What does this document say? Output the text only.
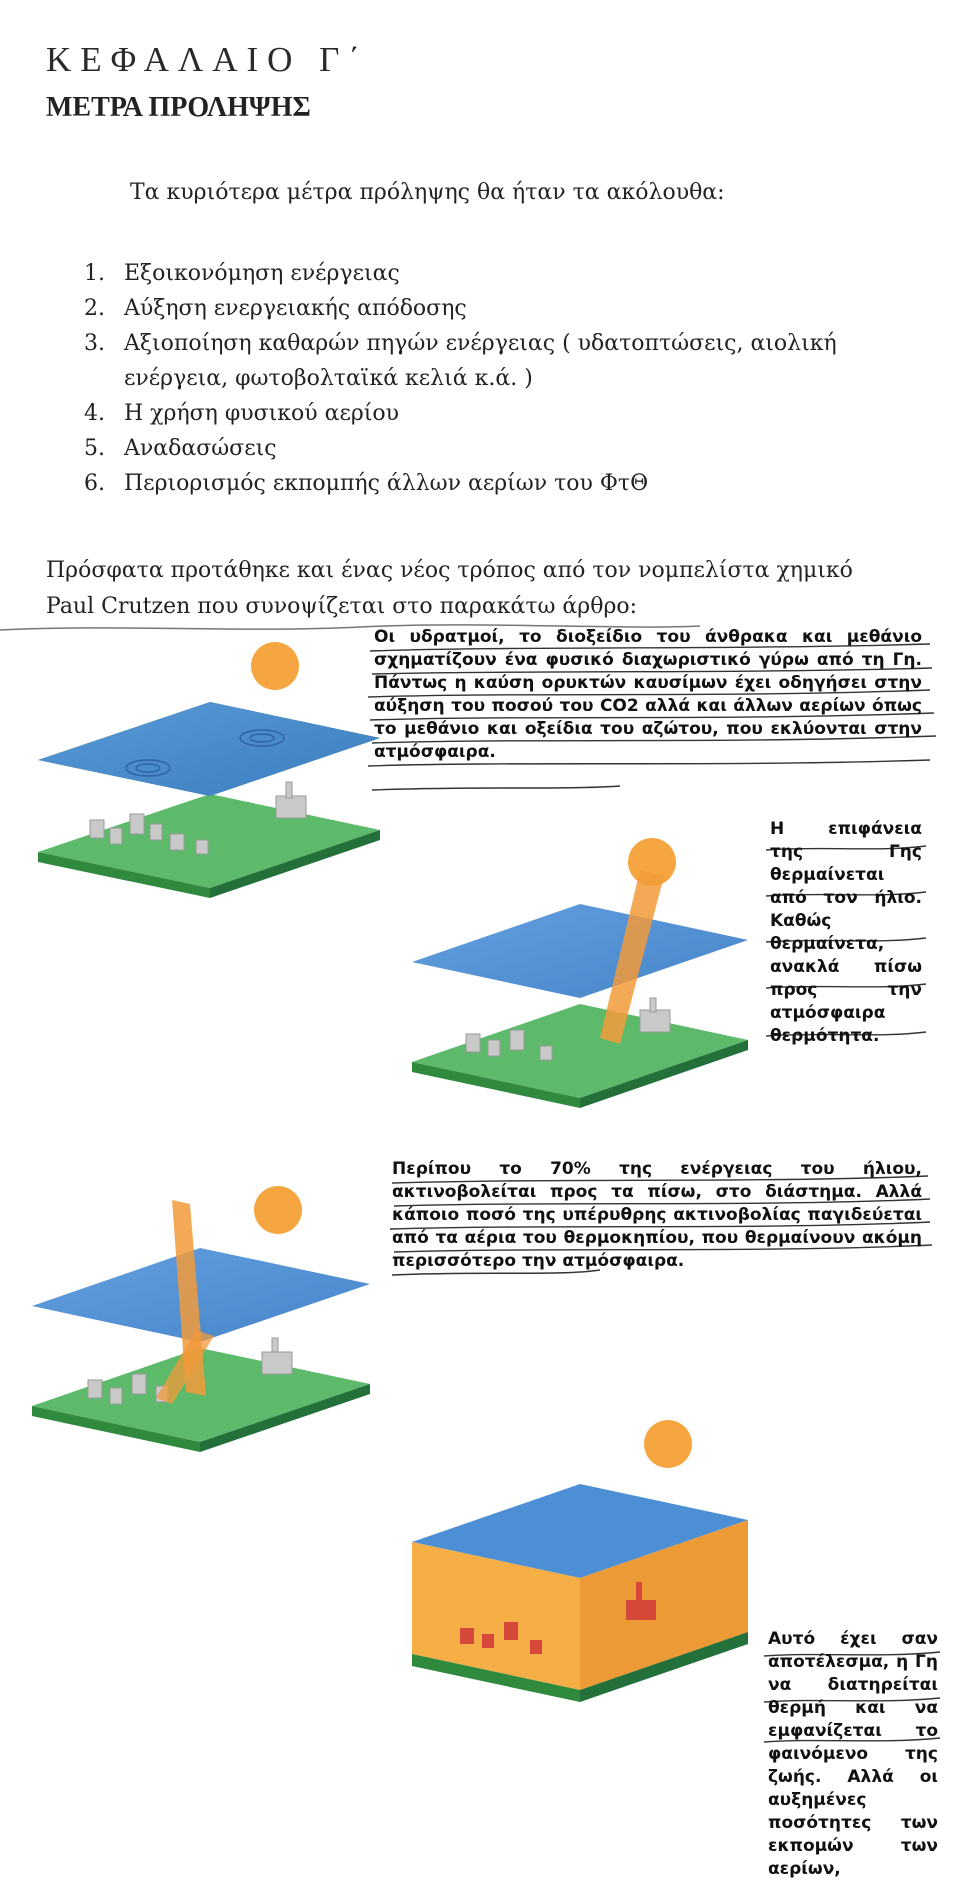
ΚΕΦΑΛΑΙΟ Γ΄
ΜΕΤΡΑ ΠΡΟΛΗΨΗΣ
Τα κυριότερα μέτρα πρόληψης θα ήταν τα ακόλουθα:
1. Εξοικονόμηση ενέργειας
2. Αύξηση ενεργειακής απόδοσης
3. Αξιοποίηση καθαρών πηγών ενέργειας ( υδατοπτώσεις, αιολική
ενέργεια, φωτοβολταϊκά κελιά κ.ά. )
4. Η χρήση φυσικού αερίου
5. Αναδασώσεις
6. Περιορισμός εκπομπής άλλων αερίων του ΦτΘ
Πρόσφατα προτάθηκε και ένας νέος τρόπος από τον νομπελίστα χημικό
Paul Crutzen που συνοψίζεται στο παρακάτω άρθρο:
Οι υδρατμοί, το διοξείδιο του άνθρακα και μεθάνιο σχηματίζουν ένα φυσικό διαχωριστικό γύρω από τη Γη. Πάντως η καύση ορυκτών καυσίμων έχει οδηγήσει στην αύξηση του ποσού του CO2 αλλά και άλλων αερίων όπως το μεθάνιο και οξείδια του αζώτου, που εκλύονται στην ατμόσφαιρα.
Η επιφάνεια της Γης θερμαίνεται από τον ήλιο. Καθώς θερμαίνετα, ανακλά πίσω προς την ατμόσφαιρα θερμότητα.
Περίπου το 70% της ενέργειας του ήλιου, ακτινοβολείται προς τα πίσω, στο διάστημα. Αλλά κάποιο ποσό της υπέρυθρης ακτινοβολίας παγιδεύεται από τα αέρια του θερμοκηπίου, που θερμαίνουν ακόμη περισσότερο την ατμόσφαιρα.
Αυτό έχει σαν αποτέλεσμα, η Γη να διατηρείται θερμή και να εμφανίζεται το φαινόμενο της ζωής. Αλλά οι αυξημένες ποσότητες των εκπομών των αερίων,
